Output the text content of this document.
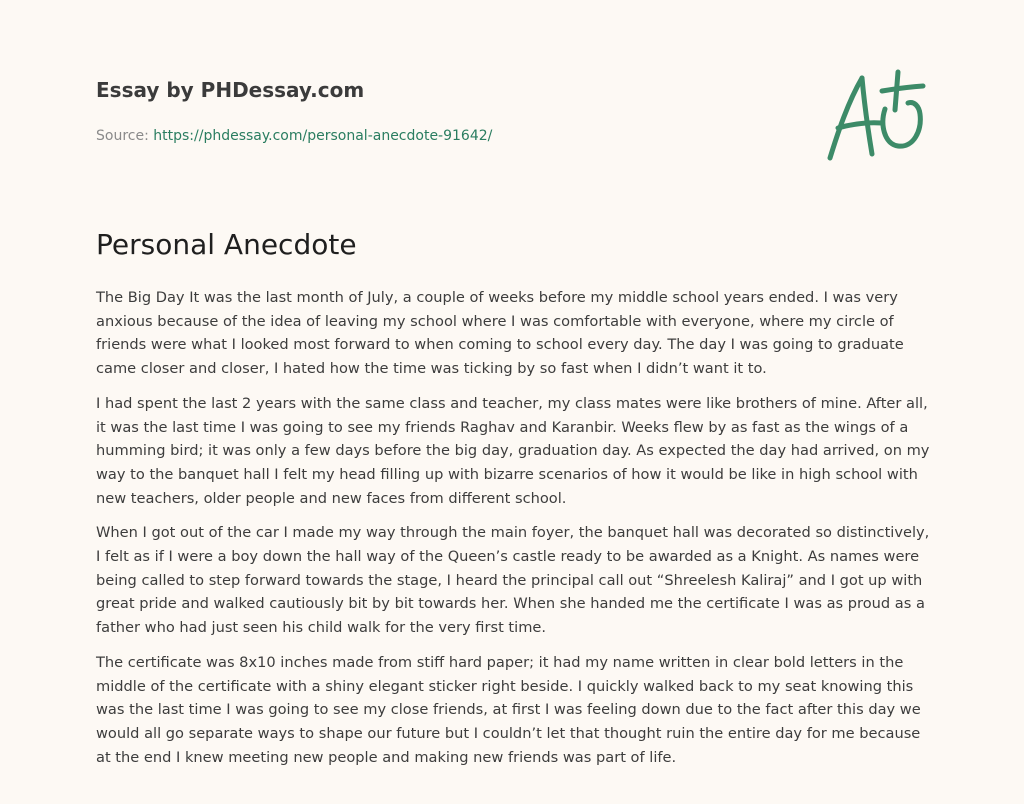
Essay by PHDessay.com
Source: https://phdessay.com/personal-anecdote-91642/
Personal Anecdote

The Big Day It was the last month of July, a couple of weeks before my middle school years ended. I was very anxious because of the idea of leaving my school where I was comfortable with everyone, where my circle of friends were what I looked most forward to when coming to school every day. The day I was going to graduate came closer and closer, I hated how the time was ticking by so fast when I didn’t want it to.

I had spent the last 2 years with the same class and teacher, my class mates were like brothers of mine. After all, it was the last time I was going to see my friends Raghav and Karanbir. Weeks flew by as fast as the wings of a humming bird; it was only a few days before the big day, graduation day. As expected the day had arrived, on my way to the banquet hall I felt my head filling up with bizarre scenarios of how it would be like in high school with new teachers, older people and new faces from different school.

When I got out of the car I made my way through the main foyer, the banquet hall was decorated so distinctively, I felt as if I were a boy down the hall way of the Queen’s castle ready to be awarded as a Knight. As names were being called to step forward towards the stage, I heard the principal call out “Shreelesh Kaliraj” and I got up with great pride and walked cautiously bit by bit towards her. When she handed me the certificate I was as proud as a father who had just seen his child walk for the very first time.

The certificate was 8x10 inches made from stiff hard paper; it had my name written in clear bold letters in the middle of the certificate with a shiny elegant sticker right beside. I quickly walked back to my seat knowing this was the last time I was going to see my close friends, at first I was feeling down due to the fact after this day we would all go separate ways to shape our future but I couldn’t let that thought ruin the entire day for me because at the end I knew meeting new people and making new friends was part of life.
